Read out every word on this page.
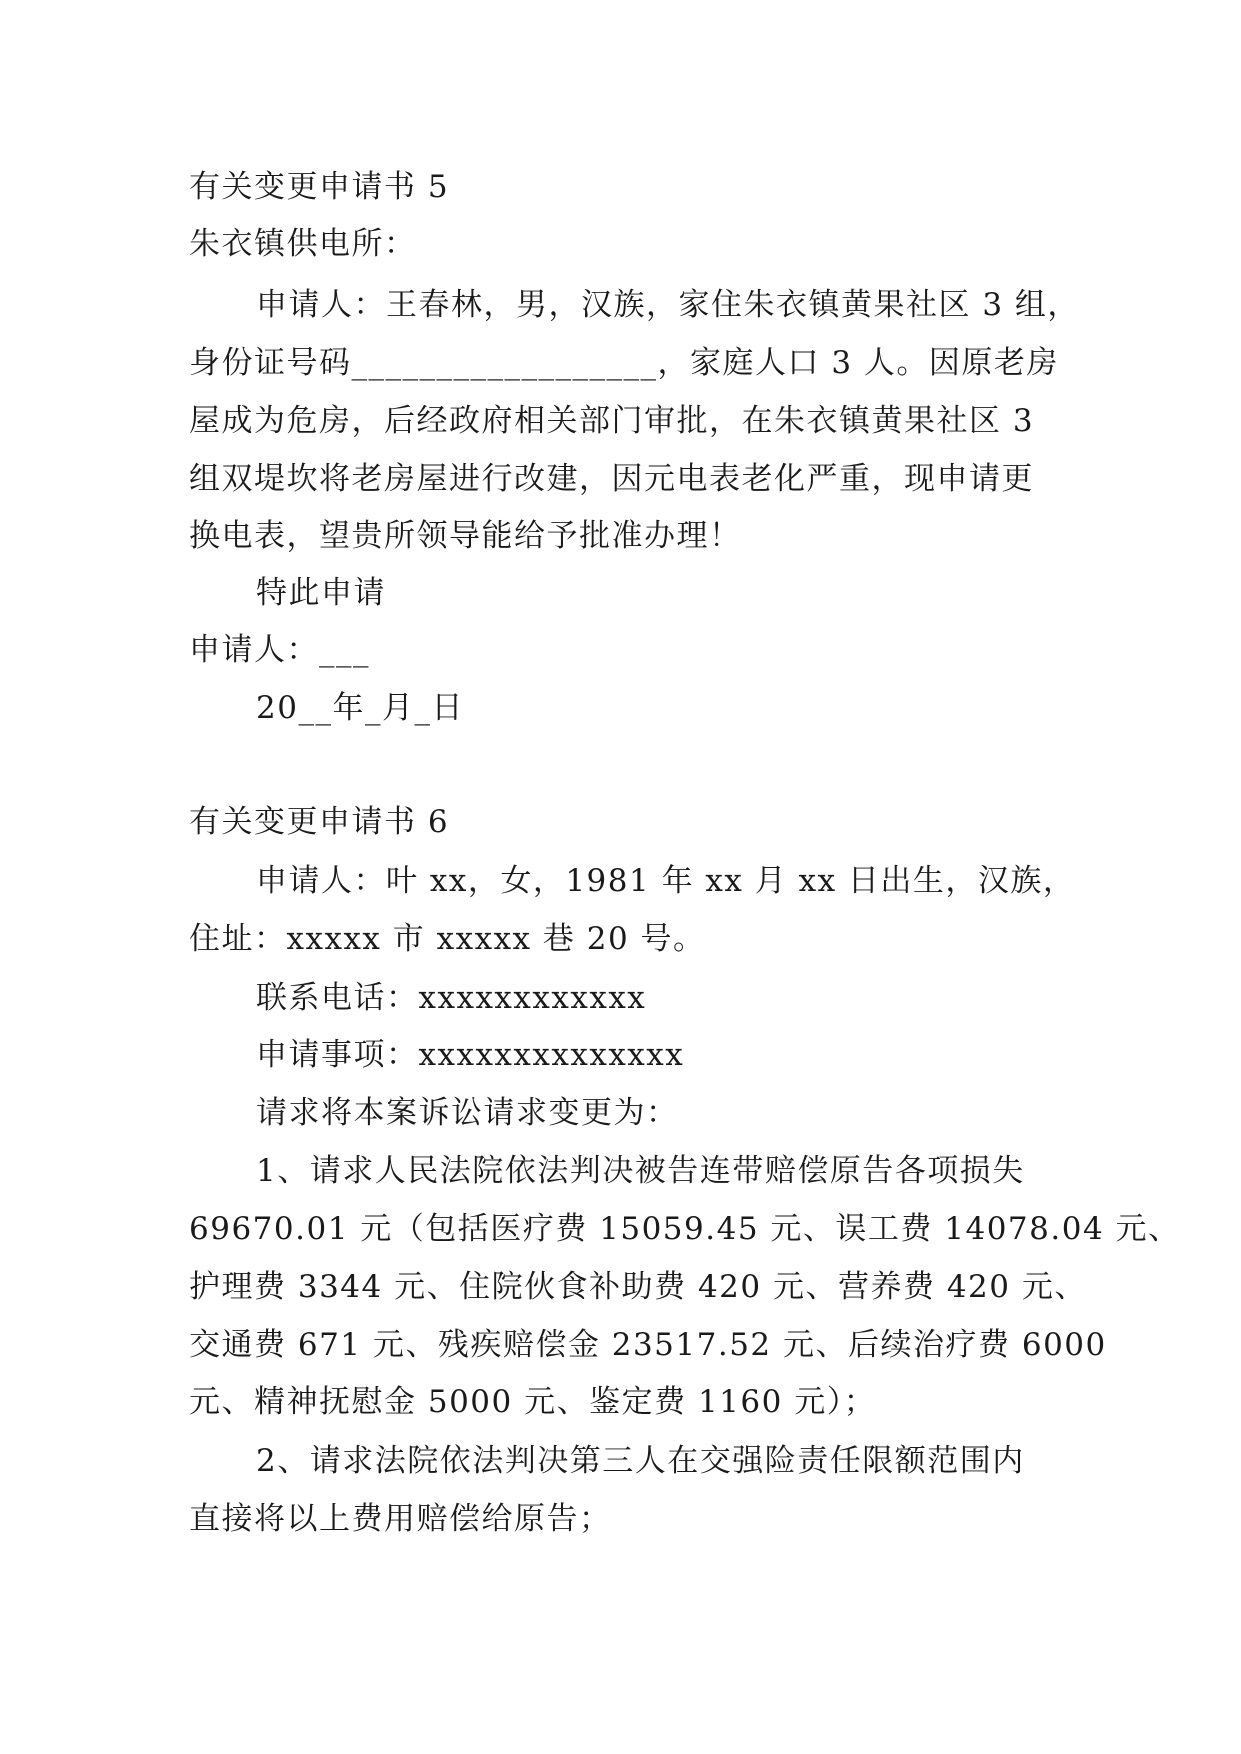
有关变更申请书 5
朱衣镇供电所：
申请人：王春林，男，汉族，家住朱衣镇黄果社区 3 组，
身份证号码__________________，家庭人口 3 人。因原老房
屋成为危房，后经政府相关部门审批，在朱衣镇黄果社区 3
组双堤坎将老房屋进行改建，因元电表老化严重，现申请更
换电表，望贵所领导能给予批准办理！
特此申请
申请人：___
20__年_月_日
有关变更申请书 6
申请人：叶 xx，女，1981 年 xx 月 xx 日出生，汉族，
住址：xxxxx 市 xxxxx 巷 20 号。
联系电话：xxxxxxxxxxxx
申请事项：xxxxxxxxxxxxxx
请求将本案诉讼请求变更为：
1、请求人民法院依法判决被告连带赔偿原告各项损失
69670.01 元（包括医疗费 15059.45 元、误工费 14078.04 元、
护理费 3344 元、住院伙食补助费 420 元、营养费 420 元、
交通费 671 元、残疾赔偿金 23517.52 元、后续治疗费 6000
元、精神抚慰金 5000 元、鉴定费 1160 元）；
2、请求法院依法判决第三人在交强险责任限额范围内
直接将以上费用赔偿给原告；
